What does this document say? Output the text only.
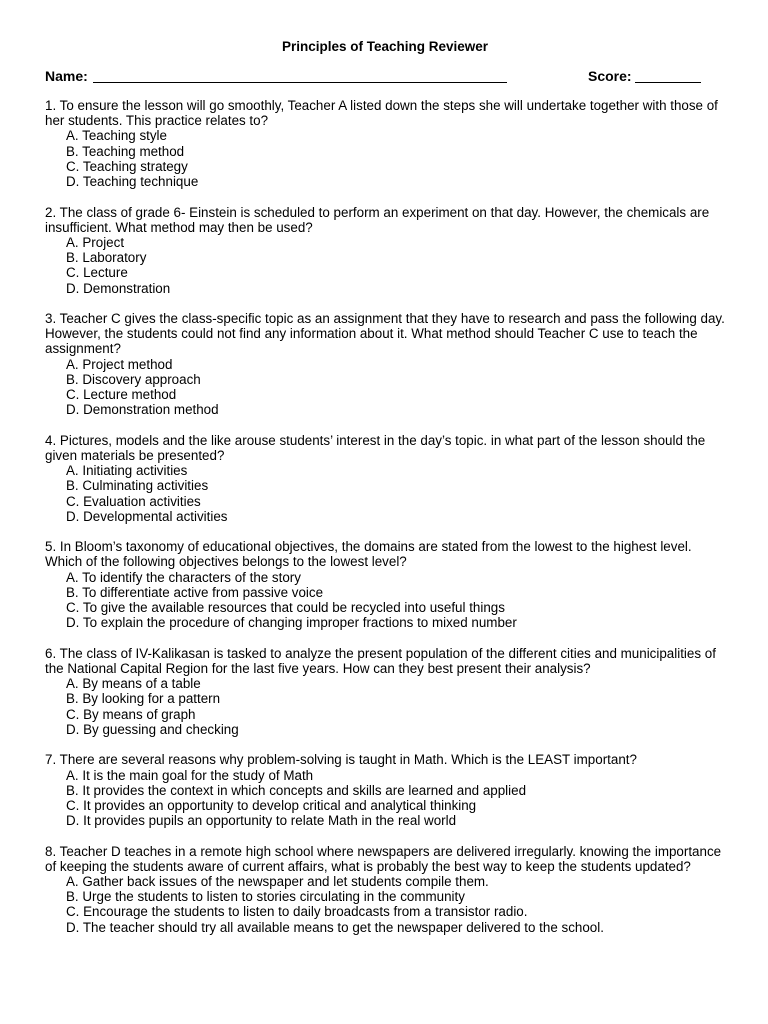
Principles of Teaching Reviewer
Name:	Score:

1. To ensure the lesson will go smoothly, Teacher A listed down the steps she will undertake together with those of her students. This practice relates to?

A. Teaching style
B. Teaching method
C. Teaching strategy
D. Teaching technique

2. The class of grade 6- Einstein is scheduled to perform an experiment on that day. However, the chemicals are insufficient. What method may then be used?

A. Project
B. Laboratory
C. Lecture
D. Demonstration

3. Teacher C gives the class-specific topic as an assignment that they have to research and pass the following day. However, the students could not find any information about it. What method should Teacher C use to teach the assignment?

A. Project method
B. Discovery approach
C. Lecture method
D. Demonstration method

4. Pictures, models and the like arouse students’ interest in the day’s topic. in what part of the lesson should the given materials be presented?

A. Initiating activities
B. Culminating activities
C. Evaluation activities
D. Developmental activities

5. In Bloom’s taxonomy of educational objectives, the domains are stated from the lowest to the highest level. Which of the following objectives belongs to the lowest level?

A. To identify the characters of the story
B. To differentiate active from passive voice
C. To give the available resources that could be recycled into useful things
D. To explain the procedure of changing improper fractions to mixed number

6. The class of IV-Kalikasan is tasked to analyze the present population of the different cities and municipalities of the National Capital Region for the last five years. How can they best present their analysis?

A. By means of a table
B. By looking for a pattern
C. By means of graph
D. By guessing and checking

7. There are several reasons why problem-solving is taught in Math. Which is the LEAST important?

A. It is the main goal for the study of Math
B. It provides the context in which concepts and skills are learned and applied
C. It provides an opportunity to develop critical and analytical thinking
D. It provides pupils an opportunity to relate Math in the real world

8. Teacher D teaches in a remote high school where newspapers are delivered irregularly. knowing the importance of keeping the students aware of current affairs, what is probably the best way to keep the students updated?

A. Gather back issues of the newspaper and let students compile them.
B. Urge the students to listen to stories circulating in the community
C. Encourage the students to listen to daily broadcasts from a transistor radio.
D. The teacher should try all available means to get the newspaper delivered to the school.
